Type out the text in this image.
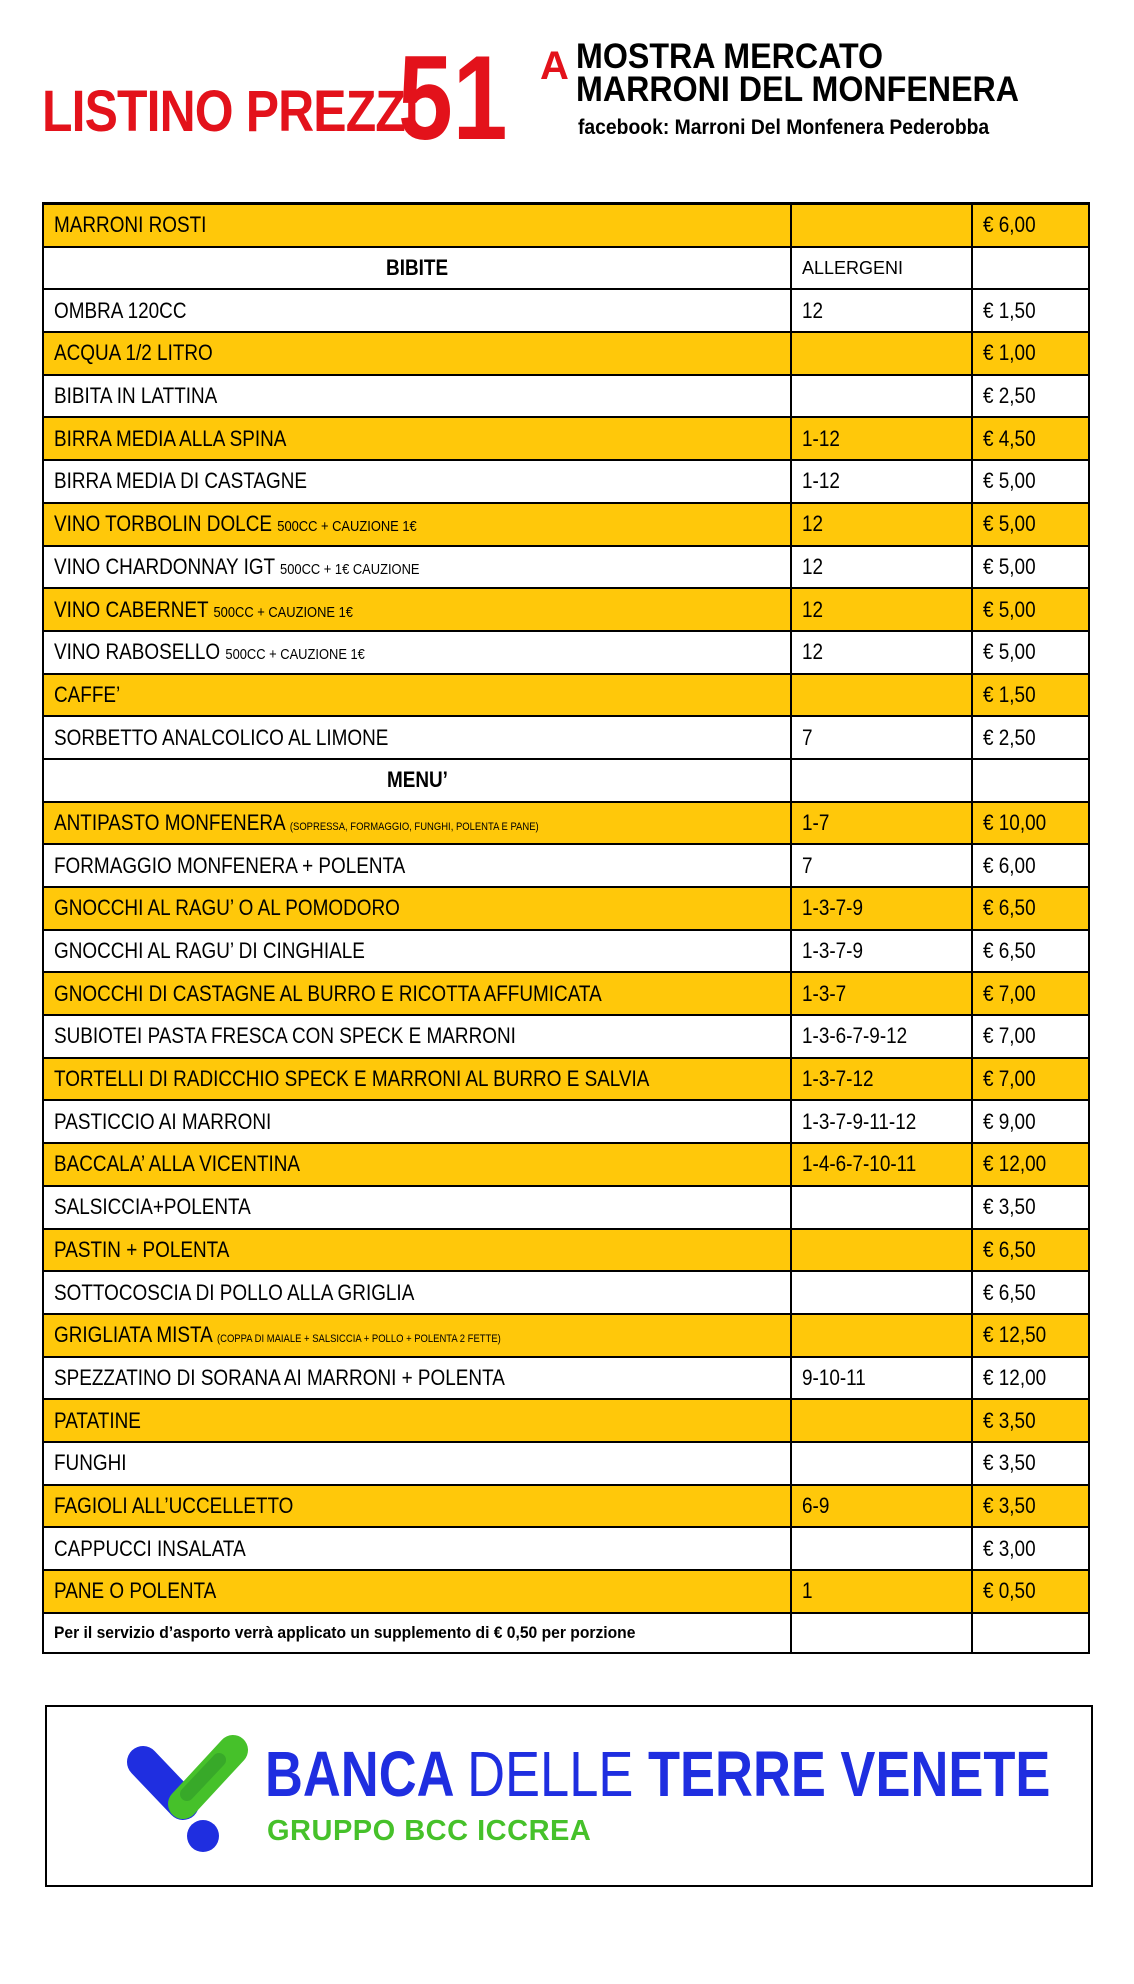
LISTINO PREZZI
51 A MOSTRA MERCATO
MARRONI DEL MONFENERA
facebook: Marroni Del Monfenera Pederobba
MARRONI ROSTI		€ 6,00
BIBITE	ALLERGENI	
OMBRA 120CC	12	€ 1,50
ACQUA 1/2 LITRO		€ 1,00
BIBITA IN LATTINA		€ 2,50
BIRRA MEDIA ALLA SPINA	1-12	€ 4,50
BIRRA MEDIA DI CASTAGNE	1-12	€ 5,00
VINO TORBOLIN DOLCE 500CC + CAUZIONE 1€	12	€ 5,00
VINO CHARDONNAY IGT 500CC + 1€ CAUZIONE	12	€ 5,00
VINO CABERNET 500CC + CAUZIONE 1€	12	€ 5,00
VINO RABOSELLO 500CC + CAUZIONE 1€	12	€ 5,00
CAFFE’		€ 1,50
SORBETTO ANALCOLICO AL LIMONE	7	€ 2,50
MENU’		
ANTIPASTO MONFENERA (SOPRESSA, FORMAGGIO, FUNGHI, POLENTA E PANE)	1-7	€ 10,00
FORMAGGIO MONFENERA + POLENTA	7	€ 6,00
GNOCCHI AL RAGU’ O AL POMODORO	1-3-7-9	€ 6,50
GNOCCHI AL RAGU’ DI CINGHIALE	1-3-7-9	€ 6,50
GNOCCHI DI CASTAGNE AL BURRO E RICOTTA AFFUMICATA	1-3-7	€ 7,00
SUBIOTEI PASTA FRESCA CON SPECK E MARRONI	1-3-6-7-9-12	€ 7,00
TORTELLI DI RADICCHIO SPECK E MARRONI AL BURRO E SALVIA	1-3-7-12	€ 7,00
PASTICCIO AI MARRONI	1-3-7-9-11-12	€ 9,00
BACCALA’ ALLA VICENTINA	1-4-6-7-10-11	€ 12,00
SALSICCIA+POLENTA		€ 3,50
PASTIN + POLENTA		€ 6,50
SOTTOCOSCIA DI POLLO ALLA GRIGLIA		€ 6,50
GRIGLIATA MISTA (COPPA DI MAIALE + SALSICCIA + POLLO + POLENTA 2 FETTE)		€ 12,50
SPEZZATINO DI SORANA AI MARRONI + POLENTA	9-10-11	€ 12,00
PATATINE		€ 3,50
FUNGHI		€ 3,50
FAGIOLI ALL’UCCELLETTO	6-9	€ 3,50
CAPPUCCI INSALATA		€ 3,00
PANE O POLENTA	1	€ 0,50
Per il servizio d’asporto verrà applicato un supplemento di € 0,50 per porzione		
BANCA DELLE TERRE VENETE
GRUPPO BCC ICCREA
